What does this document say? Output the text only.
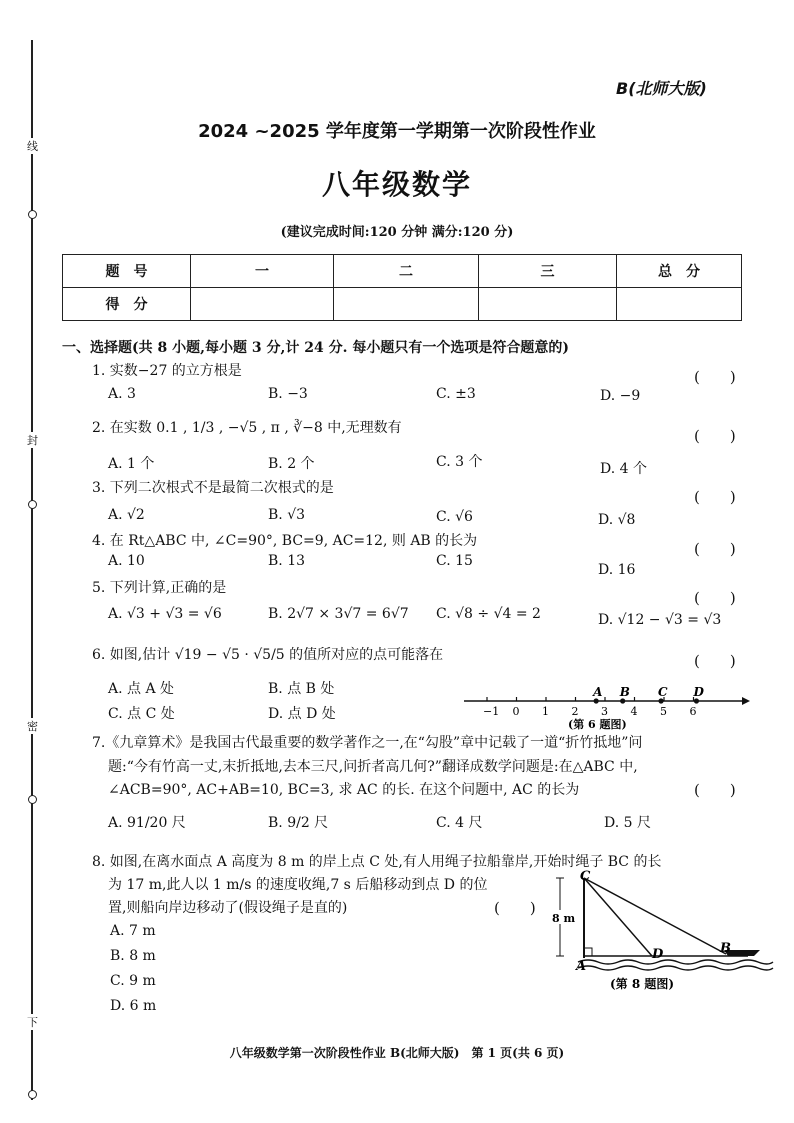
线
封
密
下
B(北师大版)
2024 ~2025 学年度第一学期第一次阶段性作业
八年级数学
(建议完成时间:120 分钟 满分:120 分)
题　号	一	二	三	总　分
得　分				
一、选择题(共 8 小题,每小题 3 分,计 24 分. 每小题只有一个选项是符合题意的)
1. 实数−27 的立方根是	(　　)
A. 3	B. −3	C. ±3	D. −9
2. 在实数 0.1 , 1/3 , −√5 , π , ∛−8 中,无理数有	(　　)
A. 1 个	B. 2 个	C. 3 个	D. 4 个
3. 下列二次根式不是最简二次根式的是	(　　)
A. √2	B. √3	C. √6	D. √8
4. 在 Rt△ABC 中, ∠C=90°, BC=9, AC=12, 则 AB 的长为	(　　)
A. 10	B. 13	C. 15
D. 16
5. 下列计算,正确的是
(　　)
A. √3 + √3 = √6	B. 2√7 × 3√7 = 6√7 C. √8 ÷ √4 = 2	D. √12 − √3 = √3
6. 如图,估计 √19 − √5 · √5/5 的值所对应的点可能落在	(　　)
A. 点 A 处	B. 点 B 处
C. 点 C 处	D. 点 D 处	−1 0 1 2 3 4 5 6
A B C D
(第 6 题图)
7.《九章算术》是我国古代最重要的数学著作之一,在“勾股”章中记载了一道“折竹抵地”问
题:“今有竹高一丈,末折抵地,去本三尺,问折者高几何?”翻译成数学问题是:在△ABC 中,
∠ACB=90°, AC+AB=10, BC=3, 求 AC 的长. 在这个问题中, AC 的长为	(　　)
A. 91/20 尺	B. 9/2 尺	C. 4 尺	D. 5 尺
8. 如图,在离水面点 A 高度为 8 m 的岸上点 C 处,有人用绳子拉船靠岸,开始时绳子 BC 的长
为 17 m,此人以 1 m/s 的速度收绳,7 s 后船移动到点 D 的位
置,则船向岸边移动了(假设绳子是直的)	(　　)
A. 7 m
B. 8 m
C. 9 m
D. 6 m
8 m
C
A
D	B
(第 8 题图)
八年级数学第一次阶段性作业 B(北师大版)　第 1 页(共 6 页)
